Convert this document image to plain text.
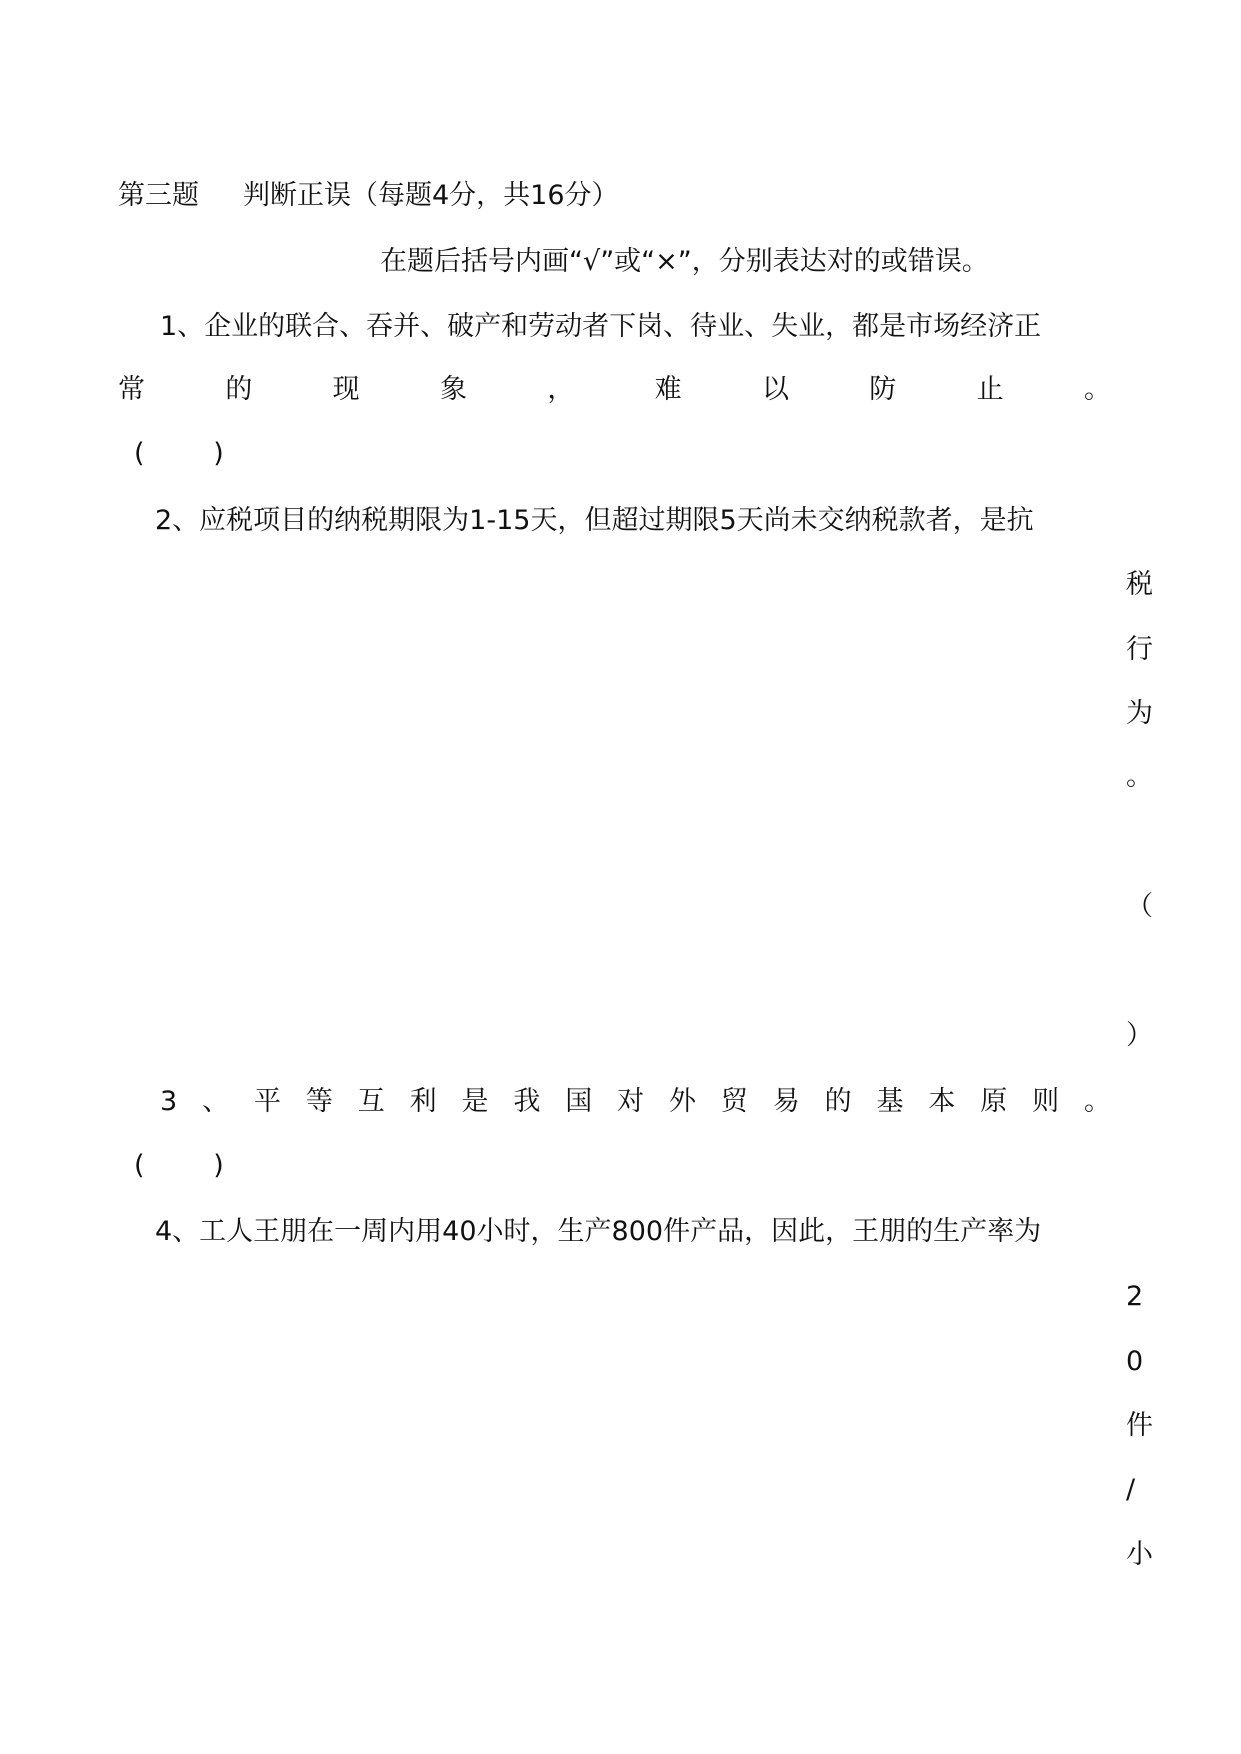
第三题 判断正误（每题4分，共16分）
在题后括号内画“√”或“×”，分别表达对的或错误。
1、企业的联合、吞并、破产和劳动者下岗、待业、失业，都是市场经济正
常	的	现	象	，	难	以	防	止	。
(        )
2、应税项目的纳税期限为1-15天，但超过期限5天尚未交纳税款者，是抗
税
行
为
。
（
）
3 、 平 等 互 利 是 我 国 对 外 贸 易 的 基 本 原 则 。
(        )
4、工人王朋在一周内用40小时，生产800件产品，因此，王朋的生产率为
2
0
件
/
小
